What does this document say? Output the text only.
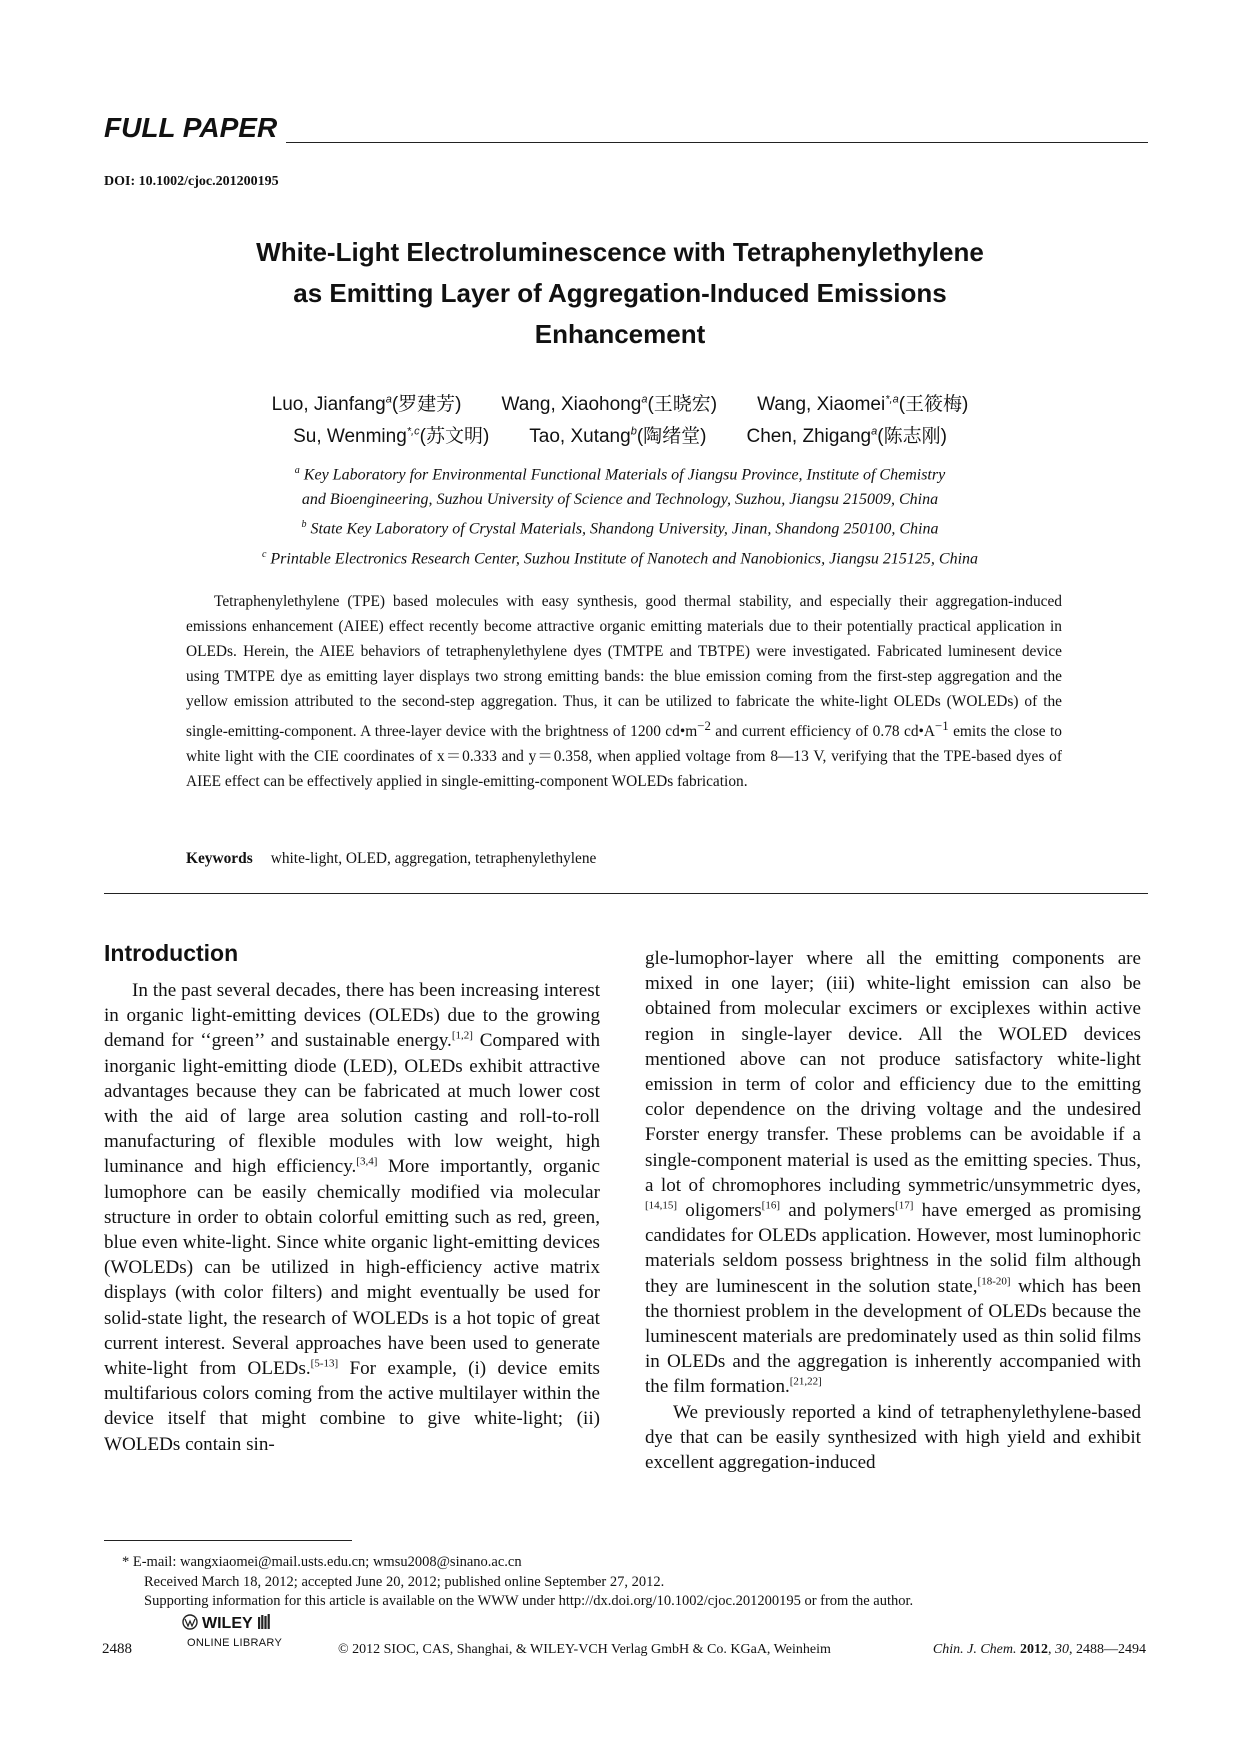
FULL PAPER
DOI: 10.1002/cjoc.201200195
White-Light Electroluminescence with Tetraphenylethylene
as Emitting Layer of Aggregation-Induced Emissions
Enhancement
Luo, Jianfang$^a$(罗建芳) Wang, Xiaohong$^a$(王晓宏) Wang, Xiaomei$^{*,a}$(王筱梅)
Su, Wenming$^{*,c}$(苏文明) Tao, Xutang$^b$(陶绪堂) Chen, Zhigang$^a$(陈志刚)
$^a$ Key Laboratory for Environmental Functional Materials of Jiangsu Province, Institute of Chemistry
and Bioengineering, Suzhou University of Science and Technology, Suzhou, Jiangsu 215009, China
$^b$ State Key Laboratory of Crystal Materials, Shandong University, Jinan, Shandong 250100, China
$^c$ Printable Electronics Research Center, Suzhou Institute of Nanotech and Nanobionics, Jiangsu 215125, China

Tetraphenylethylene (TPE) based molecules with easy synthesis, good thermal stability, and especially their aggregation-induced emissions enhancement (AIEE) effect recently become attractive organic emitting materials due to their potentially practical application in OLEDs. Herein, the AIEE behaviors of tetraphenylethylene dyes (TMTPE and TBTPE) were investigated. Fabricated luminesent device using TMTPE dye as emitting layer displays two strong emitting bands: the blue emission coming from the first-step aggregation and the yellow emission attributed to the second-step aggregation. Thus, it can be utilized to fabricate the white-light OLEDs (WOLEDs) of the single-emitting-component. A three-layer device with the brightness of 1200 $cd•m^{-2}$ and current efficiency of 0.78 $cd•A^{-1}$ emits the close to white light with the CIE coordinates of x＝0.333 and y＝0.358, when applied voltage from 8—13 V, verifying that the TPE-based dyes of AIEE effect can be effectively applied in single-emitting-component WOLEDs fabrication.

Keywords white-light, OLED, aggregation, tetraphenylethylene
Introduction

In the past several decades, there has been increasing interest in organic light-emitting devices (OLEDs) due to the growing demand for ‘‘green’’ and sustainable energy.[1,2] Compared with inorganic light-emitting diode (LED), OLEDs exhibit attractive advantages because they can be fabricated at much lower cost with the aid of large area solution casting and roll-to-roll manufacturing of flexible modules with low weight, high luminance and high efficiency.[3,4] More importantly, organic lumophore can be easily chemically modified via molecular structure in order to obtain colorful emitting such as red, green, blue even white-light. Since white organic light-emitting devices (WOLEDs) can be utilized in high-efficiency active matrix displays (with color filters) and might eventually be used for solid-state light, the research of WOLEDs is a hot topic of great current interest. Several approaches have been used to generate white-light from OLEDs.[5-13] For example, (i) device emits multifarious colors coming from the active multilayer within the device itself that might combine to give white-light; (ii) WOLEDs contain sin-

gle-lumophor-layer where all the emitting components are mixed in one layer; (iii) white-light emission can also be obtained from molecular excimers or exciplexes within active region in single-layer device. All the WOLED devices mentioned above can not produce satisfactory white-light emission in term of color and efficiency due to the emitting color dependence on the driving voltage and the undesired Forster energy transfer. These problems can be avoidable if a single-component material is used as the emitting species. Thus, a lot of chromophores including symmetric/unsymmetric dyes,[14,15] oligomers[16] and polymers[17] have emerged as promising candidates for OLEDs application. However, most luminophoric materials seldom possess brightness in the solid film although they are luminescent in the solution state,[18-20] which has been the thorniest problem in the development of OLEDs because the luminescent materials are predominately used as thin solid films in OLEDs and the aggregation is inherently accompanied with the film formation.[21,22]

We previously reported a kind of tetraphenylethylene-based dye that can be easily synthesized with high yield and exhibit excellent aggregation-induced

* E-mail: wangxiaomei@mail.usts.edu.cn; wmsu2008@sinano.ac.cn
Received March 18, 2012; accepted June 20, 2012; published online September 27, 2012.
Supporting information for this article is available on the WWW under http://dx.doi.org/10.1002/cjoc.201200195 or from the author.
2488
WILEY
ONLINE LIBRARY	© 2012 SIOC, CAS, Shanghai, & WILEY-VCH Verlag GmbH & Co. KGaA, Weinheim	Chin. J. Chem. 2012, 30, 2488—2494
